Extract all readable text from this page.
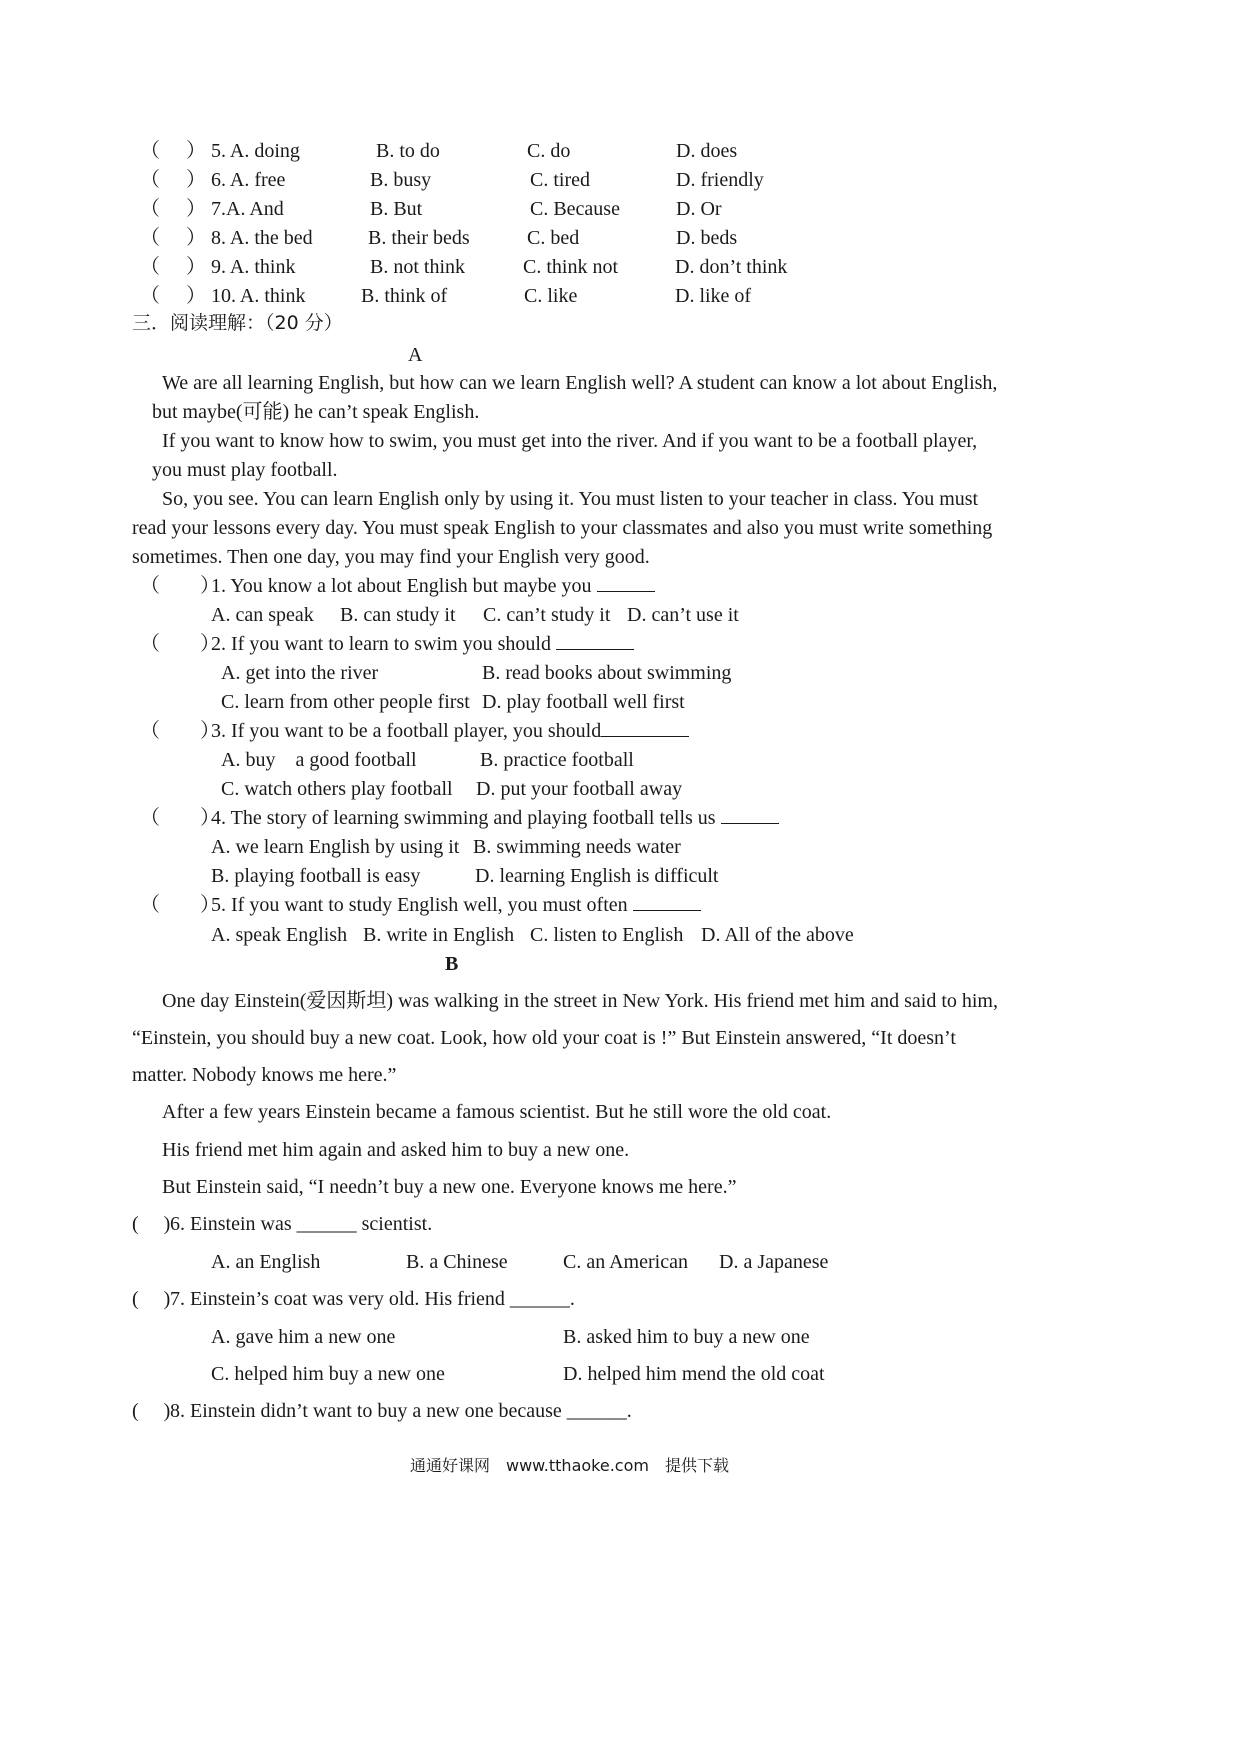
（	） 5. A. doing	B. to do	C. do	D. does
（	） 6. A. free	B. busy	C. tired	D. friendly
（	） 7.A. And	B. But	C. Because	D. Or
（	） 8. A. the bed	B. their beds	C. bed	D. beds
（	） 9. A. think	B. not think	C. think not	D. don’t think
（	） 10. A. think	B. think of	C. like	D. like of
三．阅读理解：（20 分）
A
We are all learning English, but how can we learn English well? A student can know a lot about English,
but maybe(可能) he can’t speak English.
If you want to know how to swim, you must get into the river. And if you want to be a football player,
you must play football.
So, you see. You can learn English only by using it. You must listen to your teacher in class. You must
read your lessons every day. You must speak English to your classmates and also you must write something
sometimes. Then one day, you may find your English very good.
（　　）
1. You know a lot about English but maybe you
A. can speak B. can study it C. can’t study it D. can’t use it
（　　）
2. If you want to learn to swim you should
A. get into the river	B. read books about swimming
C. learn from other people first D. play football well first
（　　）
3. If you want to be a football player, you should
A. buy　a good football	B. practice football
C. watch others play football D. put your football away
（　　）
4. The story of learning swimming and playing football tells us
A. we learn English by using it B. swimming needs water
B. playing football is easy	D. learning English is difficult
（　　）
5. If you want to study English well, you must often
A. speak English B. write in English C. listen to English D. All of the above
B
One day Einstein(爱因斯坦) was walking in the street in New York. His friend met him and said to him,
“Einstein, you should buy a new coat. Look, how old your coat is !” But Einstein answered, “It doesn’t
matter. Nobody knows me here.”
After a few years Einstein became a famous scientist. But he still wore the old coat.
His friend met him again and asked him to buy a new one.
But Einstein said, “I needn’t buy a new one. Everyone knows me here.”
(　 ) 6. Einstein was ______ scientist.
A. an English	B. a Chinese	C. an American D. a Japanese
(　 ) 7. Einstein’s coat was very old. His friend ______.
A. gave him a new one	B. asked him to buy a new one
C. helped him buy a new one	D. helped him mend the old coat
(　 ) 8. Einstein didn’t want to buy a new one because ______.
通通好课网　www.tthaoke.com　提供下载
